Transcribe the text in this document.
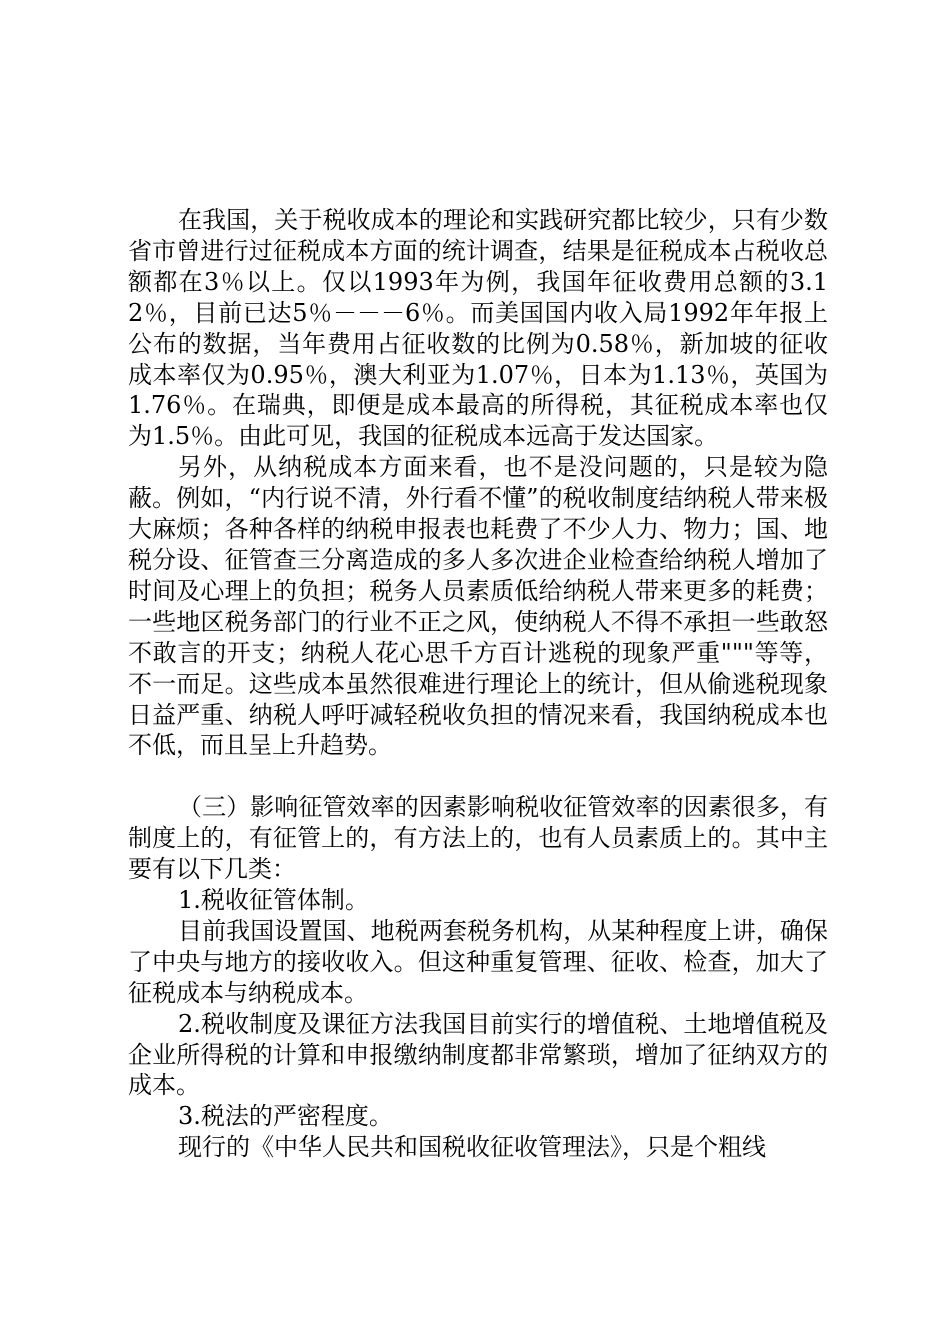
在我国，关于税收成本的理论和实践研究都比较少，只有少数省市曾进行过征税成本方面的统计调查，结果是征税成本占税收总额都在3％以上。仅以1993年为例，我国年征收费用总额的3.12％，目前已达5％－－－6％。而美国国内收入局1992年年报上公布的数据，当年费用占征收数的比例为0.58％，新加坡的征收成本率仅为0.95％，澳大利亚为1.07％，日本为1.13％，英国为1.76％。在瑞典，即便是成本最高的所得税，其征税成本率也仅为1.5％。由此可见，我国的征税成本远高于发达国家。

另外，从纳税成本方面来看，也不是没问题的，只是较为隐蔽。例如，“内行说不清，外行看不懂”的税收制度结纳税人带来极大麻烦；各种各样的纳税申报表也耗费了不少人力、物力；国、地税分设、征管查三分离造成的多人多次进企业检查给纳税人增加了时间及心理上的负担；税务人员素质低给纳税人带来更多的耗费；一些地区税务部门的行业不正之风，使纳税人不得不承担一些敢怒不敢言的开支；纳税人花心思千方百计逃税的现象严重"""等等，不一而足。这些成本虽然很难进行理论上的统计，但从偷逃税现象日益严重、纳税人呼吁减轻税收负担的情况来看，我国纳税成本也不低，而且呈上升趋势。

（三）影响征管效率的因素影响税收征管效率的因素很多，有制度上的，有征管上的，有方法上的，也有人员素质上的。其中主要有以下几类：

1.税收征管体制。

目前我国设置国、地税两套税务机构，从某种程度上讲，确保了中央与地方的接收收入。但这种重复管理、征收、检查，加大了征税成本与纳税成本。

2.税收制度及课征方法我国目前实行的增值税、土地增值税及企业所得税的计算和申报缴纳制度都非常繁琐，增加了征纳双方的成本。

3.税法的严密程度。

现行的《中华人民共和国税收征收管理法》，只是个粗线
